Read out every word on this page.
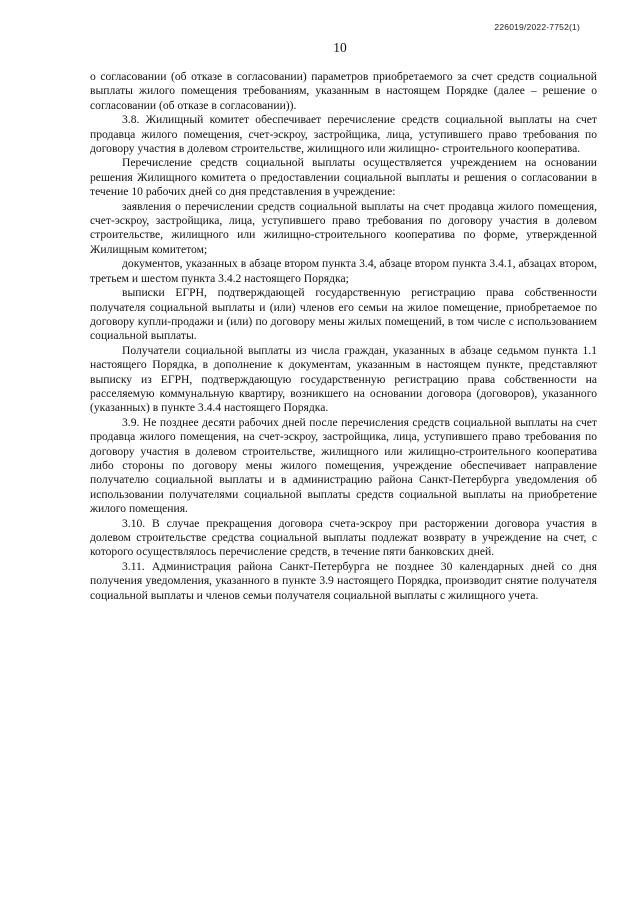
226019/2022-7752(1)
10

о согласовании (об отказе в согласовании) параметров приобретаемого за счет средств социальной выплаты жилого помещения требованиям, указанным в настоящем Порядке (далее – решение о согласовании (об отказе в согласовании)).

3.8. Жилищный комитет обеспечивает перечисление средств социальной выплаты на счет продавца жилого помещения, счет-эскроу, застройщика, лица, уступившего право требования по договору участия в долевом строительстве, жилищного или жилищно- строительного кооператива.

Перечисление средств социальной выплаты осуществляется учреждением на основании решения Жилищного комитета о предоставлении социальной выплаты и решения о согласовании в течение 10 рабочих дней со дня представления в учреждение:

заявления о перечислении средств социальной выплаты на счет продавца жилого помещения, счет-эскроу, застройщика, лица, уступившего право требования по договору участия в долевом строительстве, жилищного или жилищно-строительного кооператива по форме, утвержденной Жилищным комитетом;

документов, указанных в абзаце втором пункта 3.4, абзаце втором пункта 3.4.1, абзацах втором, третьем и шестом пункта 3.4.2 настоящего Порядка;

выписки ЕГРН, подтверждающей государственную регистрацию права собственности получателя социальной выплаты и (или) членов его семьи на жилое помещение, приобретаемое по договору купли-продажи и (или) по договору мены жилых помещений, в том числе с использованием социальной выплаты.

Получатели социальной выплаты из числа граждан, указанных в абзаце седьмом пункта 1.1 настоящего Порядка, в дополнение к документам, указанным в настоящем пункте, представляют выписку из ЕГРН, подтверждающую государственную регистрацию права собственности на расселяемую коммунальную квартиру, возникшего на основании договора (договоров), указанного (указанных) в пункте 3.4.4 настоящего Порядка.

3.9. Не позднее десяти рабочих дней после перечисления средств социальной выплаты на счет продавца жилого помещения, на счет-эскроу, застройщика, лица, уступившего право требования по договору участия в долевом строительстве, жилищного или жилищно-строительного кооператива либо стороны по договору мены жилого помещения, учреждение обеспечивает направление получателю социальной выплаты и в администрацию района Санкт-Петербурга уведомления об использовании получателями социальной выплаты средств социальной выплаты на приобретение жилого помещения.

3.10. В случае прекращения договора счета-эскроу при расторжении договора участия в долевом строительстве средства социальной выплаты подлежат возврату в учреждение на счет, с которого осуществлялось перечисление средств, в течение пяти банковских дней.

3.11. Администрация района Санкт-Петербурга не позднее 30 календарных дней со дня получения уведомления, указанного в пункте 3.9 настоящего Порядка, производит снятие получателя социальной выплаты и членов семьи получателя социальной выплаты с жилищного учета.
